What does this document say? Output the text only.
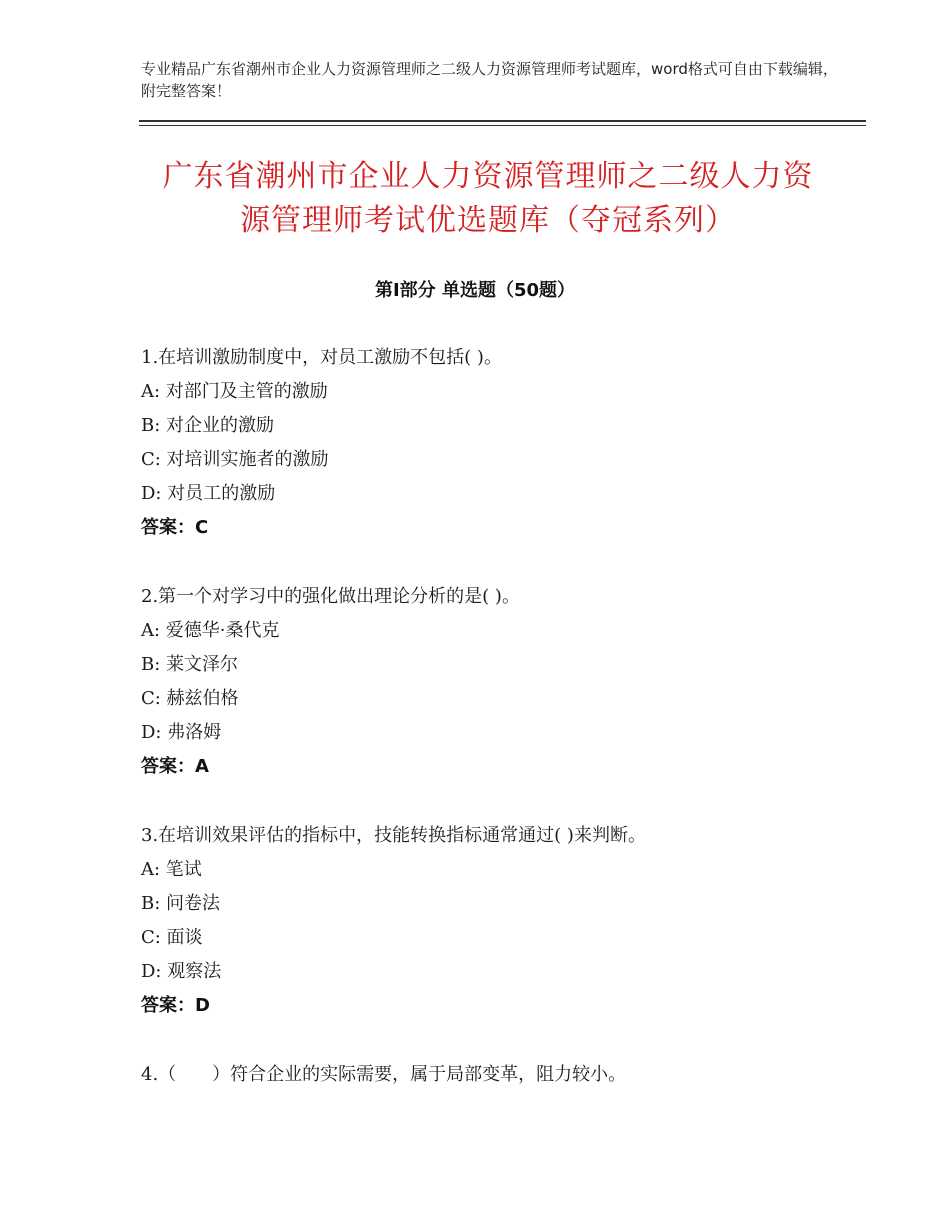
专业精品广东省潮州市企业人力资源管理师之二级人力资源管理师考试题库，word格式可自由下载编辑，附完整答案！
广东省潮州市企业人力资源管理师之二级人力资源管理师考试优选题库（夺冠系列）
第Ⅰ部分 单选题（50题）
1.在培训激励制度中，对员工激励不包括( )。
A: 对部门及主管的激励
B: 对企业的激励
C: 对培训实施者的激励
D: 对员工的激励
答案：C
2.第一个对学习中的强化做出理论分析的是( )。
A: 爱德华·桑代克
B: 莱文泽尔
C: 赫兹伯格
D: 弗洛姆
答案：A
3.在培训效果评估的指标中，技能转换指标通常通过( )来判断。
A: 笔试
B: 问卷法
C: 面谈
D: 观察法
答案：D
4.（　　）符合企业的实际需要，属于局部变革，阻力较小。
